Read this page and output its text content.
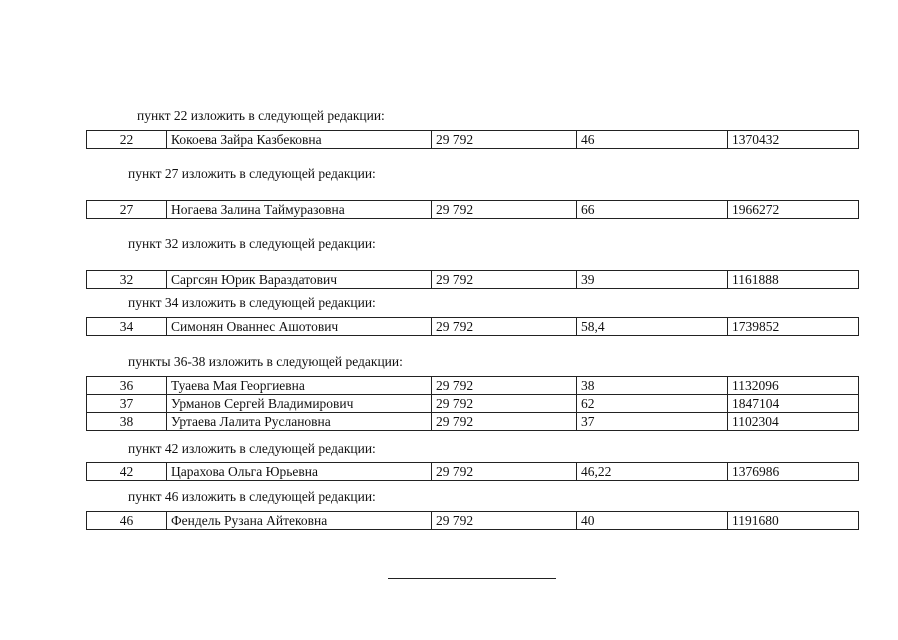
пункт 22 изложить в следующей редакции:
22	Кокоева Зайра Казбековна	29 792	46	1370432
пункт 27 изложить в следующей редакции:
27	Ногаева Залина Таймуразовна	29 792	66	1966272
пункт 32 изложить в следующей редакции:
32	Саргсян Юрик Вараздатович	29 792	39	1161888
пункт 34 изложить в следующей редакции:
34	Симонян Ованнес Ашотович	29 792	58,4	1739852
пункты 36-38 изложить в следующей редакции:
36	Туаева Мая Георгиевна	29 792	38	1132096
37	Урманов Сергей Владимирович	29 792	62	1847104
38	Уртаева Лалита Руслановна	29 792	37	1102304
пункт 42 изложить в следующей редакции:
42	Царахова Ольга Юрьевна	29 792	46,22	1376986
пункт 46 изложить в следующей редакции:
46	Фендель Рузана Айтековна	29 792	40	1191680
